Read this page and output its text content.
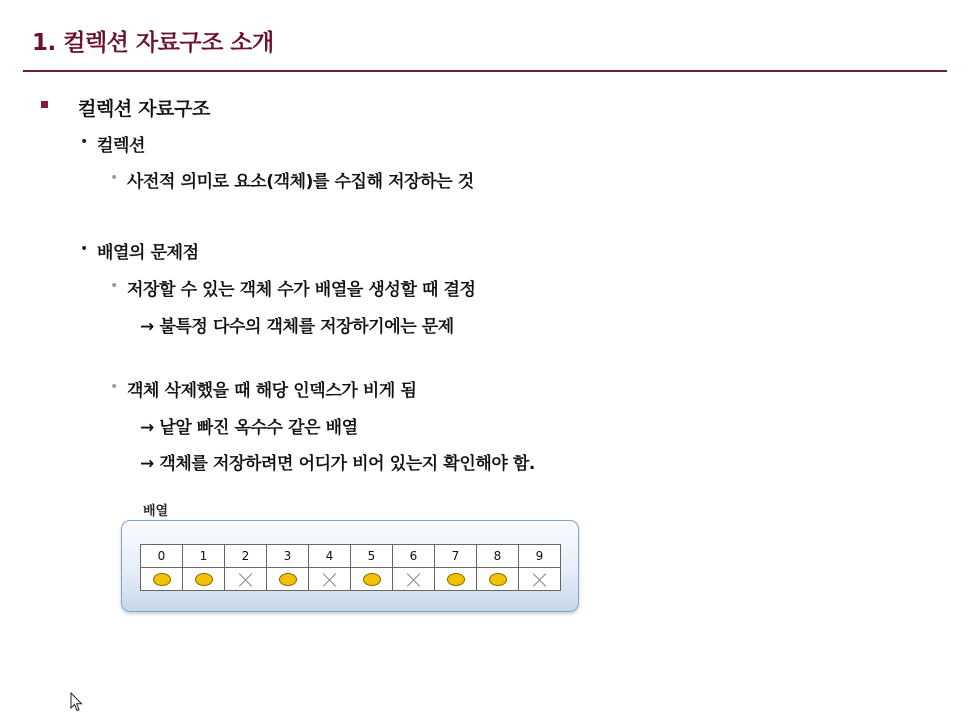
1. 컬렉션 자료구조 소개
컬렉션 자료구조
• 컬렉션
• 사전적 의미로 요소(객체)를 수집해 저장하는 것
• 배열의 문제점
• 저장할 수 있는 객체 수가 배열을 생성할 때 결정
→ 불특정 다수의 객체를 저장하기에는 문제
• 객체 삭제했을 때 해당 인덱스가 비게 됨
→ 낱알 빠진 옥수수 같은 배열
→ 객체를 저장하려면 어디가 비어 있는지 확인해야 함.
배열
0	1	2	3	4	5	6	7	8	9
